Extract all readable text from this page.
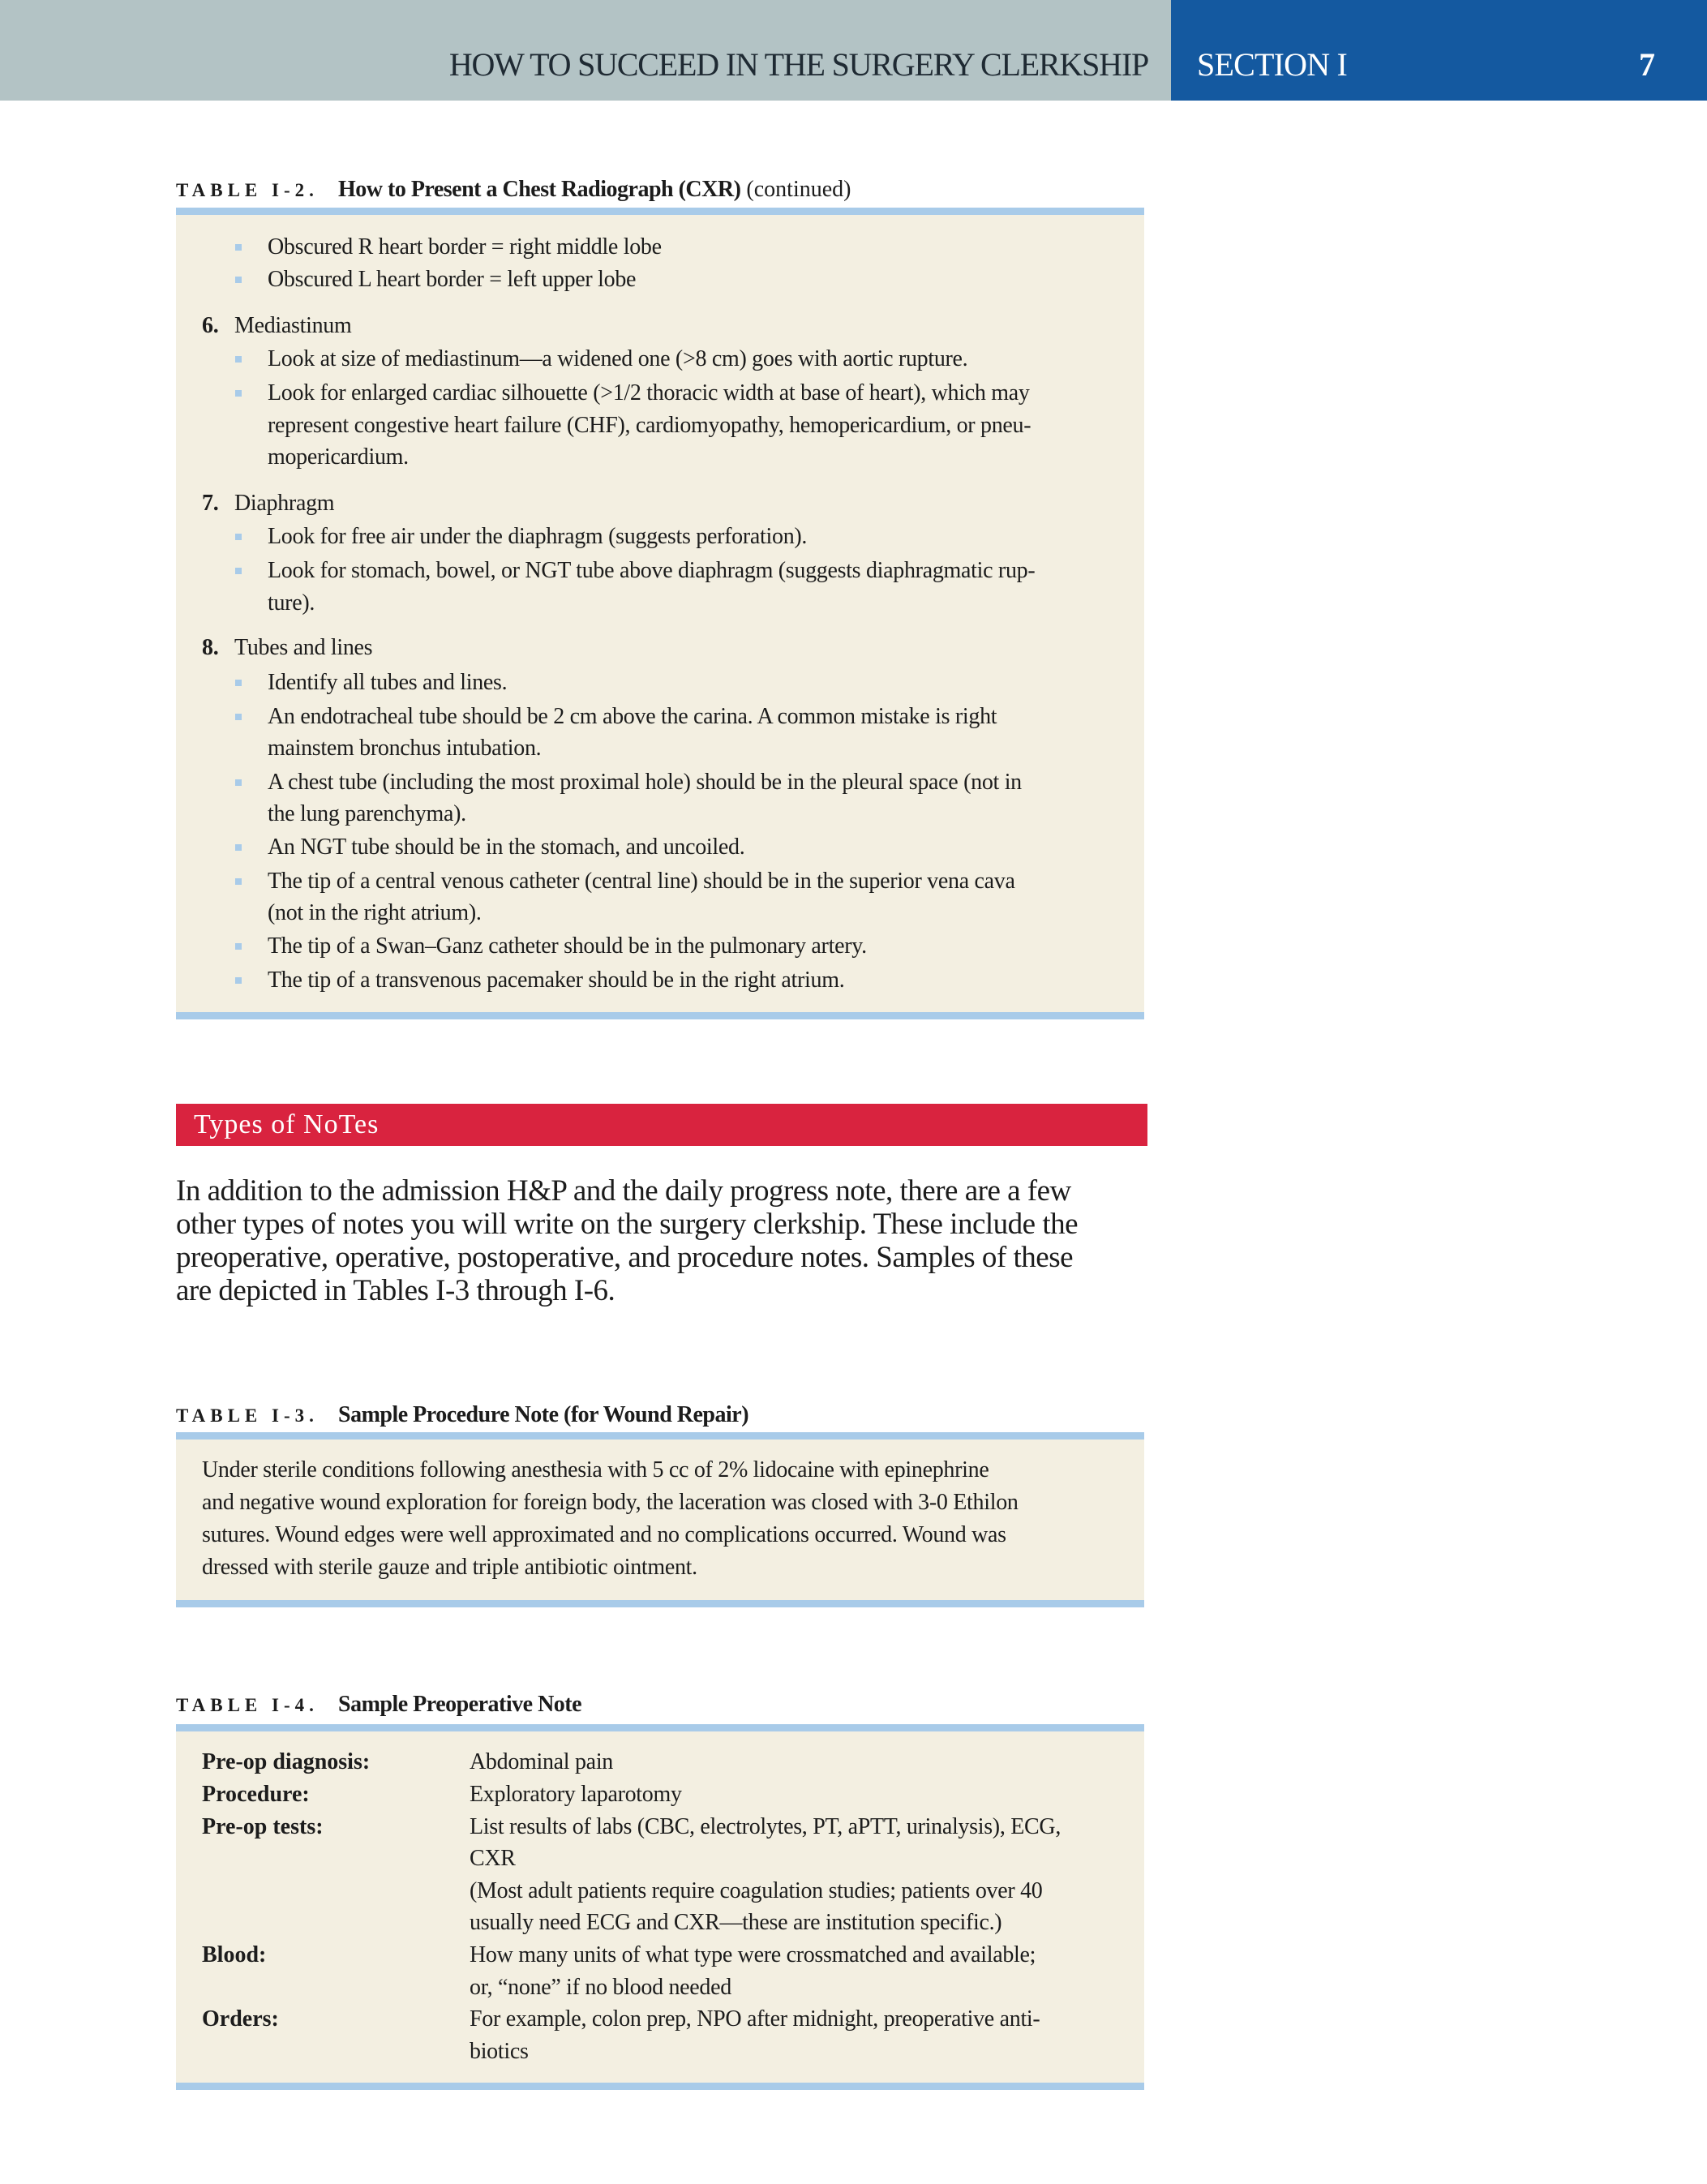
HOW TO SUCCEED IN THE SURGERY CLERKSHIP SECTION I	7
TABLE I-2. How to Present a Chest Radiograph (CXR) (continued)
Obscured R heart border = right middle lobe
Obscured L heart border = left upper lobe
6. Mediastinum
Look at size of mediastinum—a widened one (>8 cm) goes with aortic rupture.
Look for enlarged cardiac silhouette (>1/2 thoracic width at base of heart), which may
represent congestive heart failure (CHF), cardiomyopathy, hemopericardium, or pneu-
mopericardium.
7. Diaphragm
Look for free air under the diaphragm (suggests perforation).
Look for stomach, bowel, or NGT tube above diaphragm (suggests diaphragmatic rup-
ture).
8. Tubes and lines
Identify all tubes and lines.
An endotracheal tube should be 2 cm above the carina. A common mistake is right
mainstem bronchus intubation.
A chest tube (including the most proximal hole) should be in the pleural space (not in
the lung parenchyma).
An NGT tube should be in the stomach, and uncoiled.
The tip of a central venous catheter (central line) should be in the superior vena cava
(not in the right atrium).
The tip of a Swan–Ganz catheter should be in the pulmonary artery.
The tip of a transvenous pacemaker should be in the right atrium.
Types of NoTes
In addition to the admission H&P and the daily progress note, there are a few
other types of notes you will write on the surgery clerkship. These include the
preoperative, operative, postoperative, and procedure notes. Samples of these
are depicted in Tables I-3 through I-6.
TABLE I-3. Sample Procedure Note (for Wound Repair)
Under sterile conditions following anesthesia with 5 cc of 2% lidocaine with epinephrine
and negative wound exploration for foreign body, the laceration was closed with 3-0 Ethilon
sutures. Wound edges were well approximated and no complications occurred. Wound was
dressed with sterile gauze and triple antibiotic ointment.
TABLE I-4. Sample Preoperative Note
Pre-op diagnosis:	Abdominal pain
Procedure:	Exploratory laparotomy
Pre-op tests:	List results of labs (CBC, electrolytes, PT, aPTT, urinalysis), ECG,
CXR
(Most adult patients require coagulation studies; patients over 40
usually need ECG and CXR—these are institution specific.)
Blood:	How many units of what type were crossmatched and available;
or, “none” if no blood needed
Orders:	For example, colon prep, NPO after midnight, preoperative anti-
biotics
